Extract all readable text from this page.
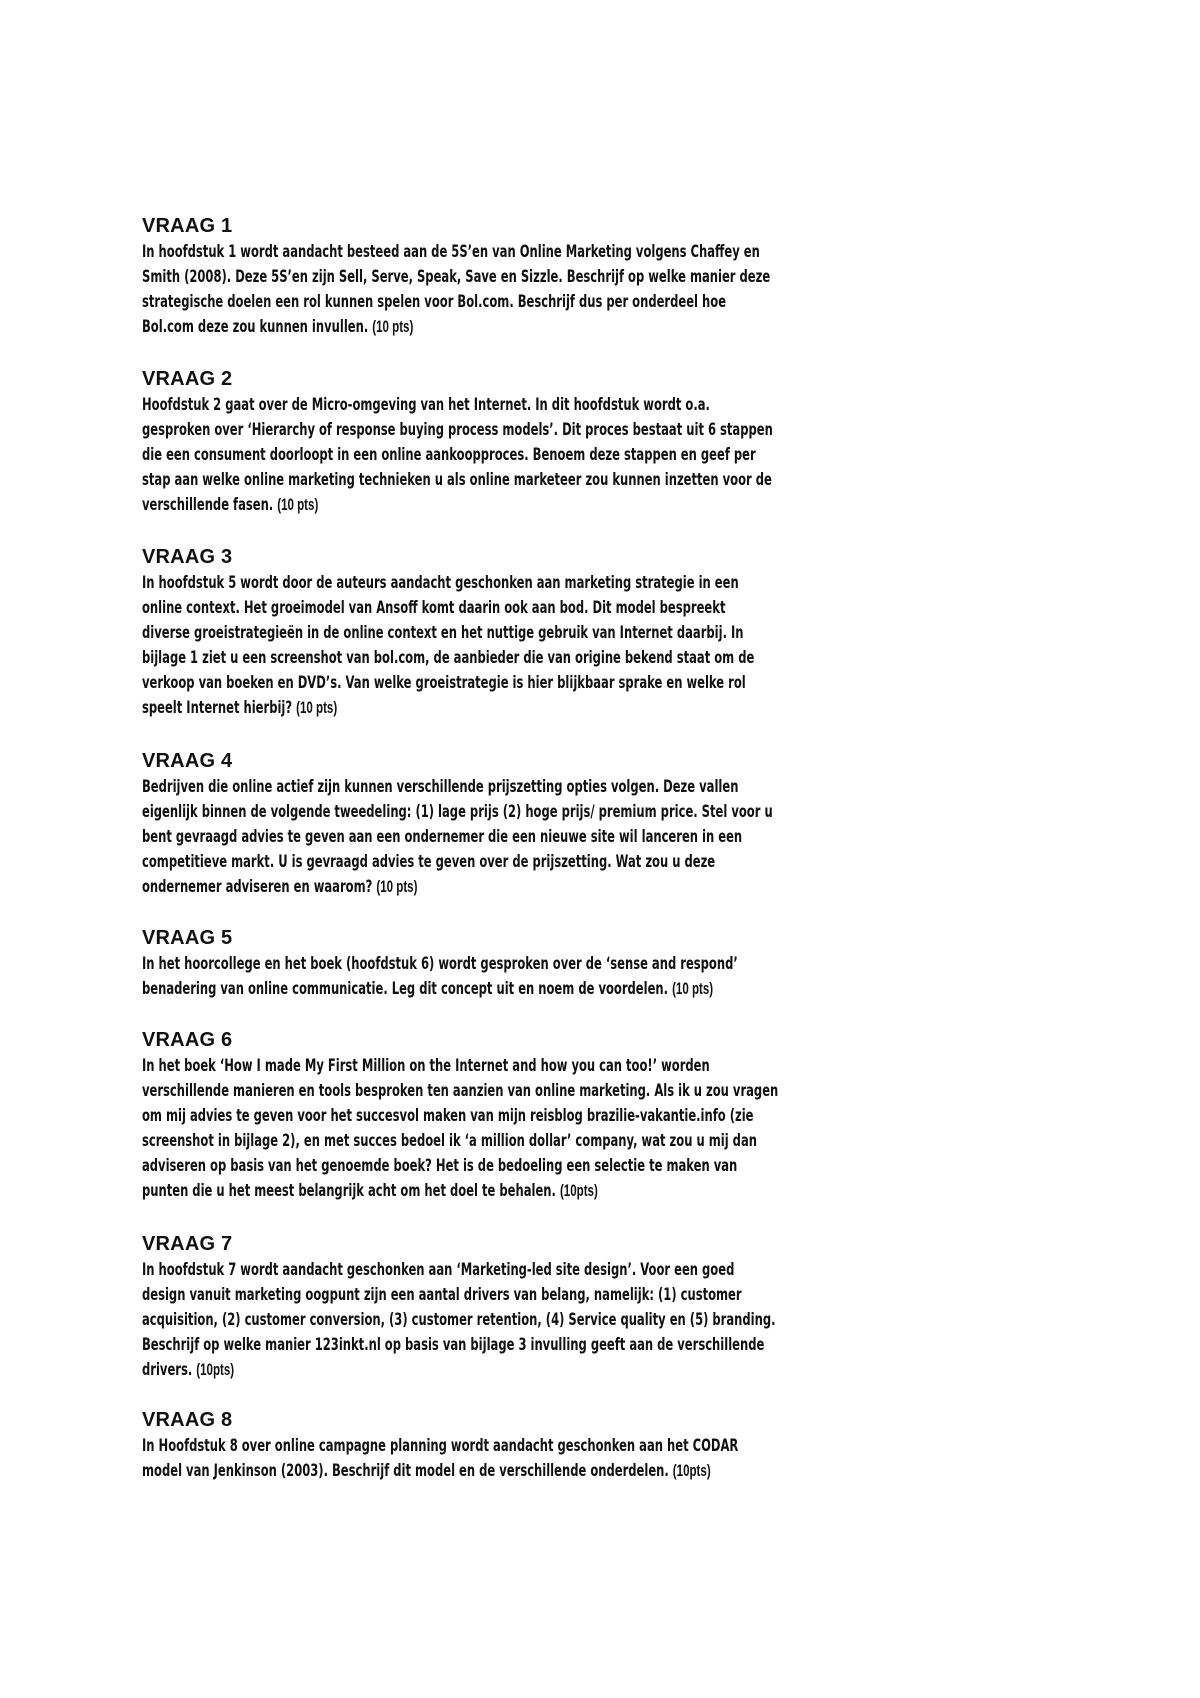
VRAAG 1
In hoofdstuk 1 wordt aandacht besteed aan de 5S’en van Online Marketing volgens Chaffey en
Smith (2008). Deze 5S’en zijn Sell, Serve, Speak, Save en Sizzle. Beschrijf op welke manier deze
strategische doelen een rol kunnen spelen voor Bol.com. Beschrijf dus per onderdeel hoe
Bol.com deze zou kunnen invullen. (10 pts)
VRAAG 2
Hoofdstuk 2 gaat over de Micro-omgeving van het Internet. In dit hoofdstuk wordt o.a.
gesproken over ‘Hierarchy of response buying process models’. Dit proces bestaat uit 6 stappen
die een consument doorloopt in een online aankoopproces. Benoem deze stappen en geef per
stap aan welke online marketing technieken u als online marketeer zou kunnen inzetten voor de
verschillende fasen. (10 pts)
VRAAG 3
In hoofdstuk 5 wordt door de auteurs aandacht geschonken aan marketing strategie in een
online context. Het groeimodel van Ansoff komt daarin ook aan bod. Dit model bespreekt
diverse groeistrategieën in de online context en het nuttige gebruik van Internet daarbij. In
bijlage 1 ziet u een screenshot van bol.com, de aanbieder die van origine bekend staat om de
verkoop van boeken en DVD’s. Van welke groeistrategie is hier blijkbaar sprake en welke rol
speelt Internet hierbij? (10 pts)
VRAAG 4
Bedrijven die online actief zijn kunnen verschillende prijszetting opties volgen. Deze vallen
eigenlijk binnen de volgende tweedeling: (1) lage prijs (2) hoge prijs/ premium price. Stel voor u
bent gevraagd advies te geven aan een ondernemer die een nieuwe site wil lanceren in een
competitieve markt. U is gevraagd advies te geven over de prijszetting. Wat zou u deze
ondernemer adviseren en waarom? (10 pts)
VRAAG 5
In het hoorcollege en het boek (hoofdstuk 6) wordt gesproken over de ‘sense and respond’
benadering van online communicatie. Leg dit concept uit en noem de voordelen. (10 pts)
VRAAG 6
In het boek ‘How I made My First Million on the Internet and how you can too!’ worden
verschillende manieren en tools besproken ten aanzien van online marketing. Als ik u zou vragen
om mij advies te geven voor het succesvol maken van mijn reisblog brazilie-vakantie.info (zie
screenshot in bijlage 2), en met succes bedoel ik ‘a million dollar’ company, wat zou u mij dan
adviseren op basis van het genoemde boek? Het is de bedoeling een selectie te maken van
punten die u het meest belangrijk acht om het doel te behalen. (10pts)
VRAAG 7
In hoofdstuk 7 wordt aandacht geschonken aan ‘Marketing-led site design’. Voor een goed
design vanuit marketing oogpunt zijn een aantal drivers van belang, namelijk: (1) customer
acquisition, (2) customer conversion, (3) customer retention, (4) Service quality en (5) branding.
Beschrijf op welke manier 123inkt.nl op basis van bijlage 3 invulling geeft aan de verschillende
drivers. (10pts)
VRAAG 8
In Hoofdstuk 8 over online campagne planning wordt aandacht geschonken aan het CODAR
model van Jenkinson (2003). Beschrijf dit model en de verschillende onderdelen. (10pts)
